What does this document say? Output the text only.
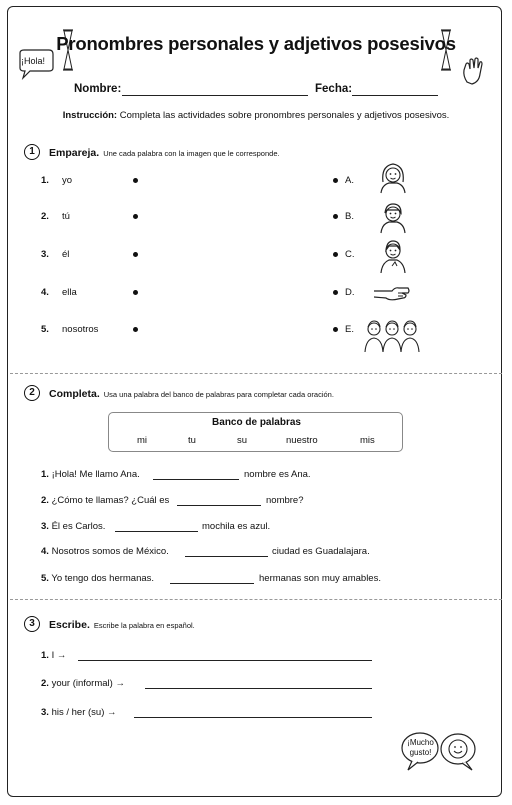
¡Hola!
Pronombres personales y adjetivos posesivos
Nombre:	Fecha:
Instrucción: Completa las actividades sobre pronombres personales y adjetivos posesivos.
1	Empareja. Une cada palabra con la imagen que le corresponde.
1. yo	A.
2. tú	B.
3. él	C.
4. ella	D.
5. nosotros	E.
2	Completa. Usa una palabra del banco de palabras para completar cada oración.
Banco de palabras
mi	tu	su	nuestro	mis
1. ¡Hola! Me llamo Ana.	nombre es Ana.
2. ¿Cómo te llamas? ¿Cuál es	nombre?
3. Él es Carlos.	mochila es azul.
4. Nosotros somos de México.	ciudad es Guadalajara.
5. Yo tengo dos hermanas.	hermanas son muy amables.
3	Escribe. Escribe la palabra en español.
1. I →
2. your (informal) →
3. his / her (su) →
¡Mucho
gusto!
